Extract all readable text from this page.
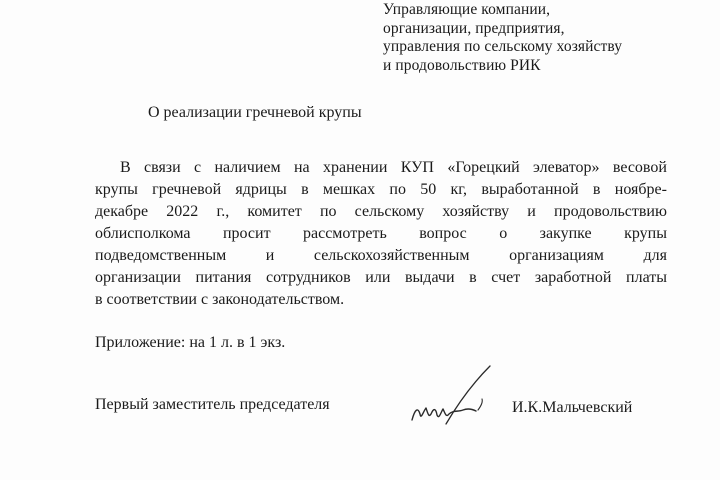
Управляющие компании,
организации, предприятия,
управления по сельскому хозяйству
и продовольствию РИК
О реализации гречневой крупы
В связи с наличием на хранении КУП «Горецкий элеватор» весовой
крупы гречневой ядрицы в мешках по 50 кг, выработанной в ноябре-
декабре 2022 г., комитет по сельскому хозяйству и продовольствию
облисполкома просит рассмотреть вопрос о закупке крупы
подведомственным и сельскохозяйственным организациям для
организации питания сотрудников или выдачи в счет заработной платы
в соответствии с законодательством.
Приложение: на 1 л. в 1 экз.
Первый заместитель председателя	И.К.Мальчевский
